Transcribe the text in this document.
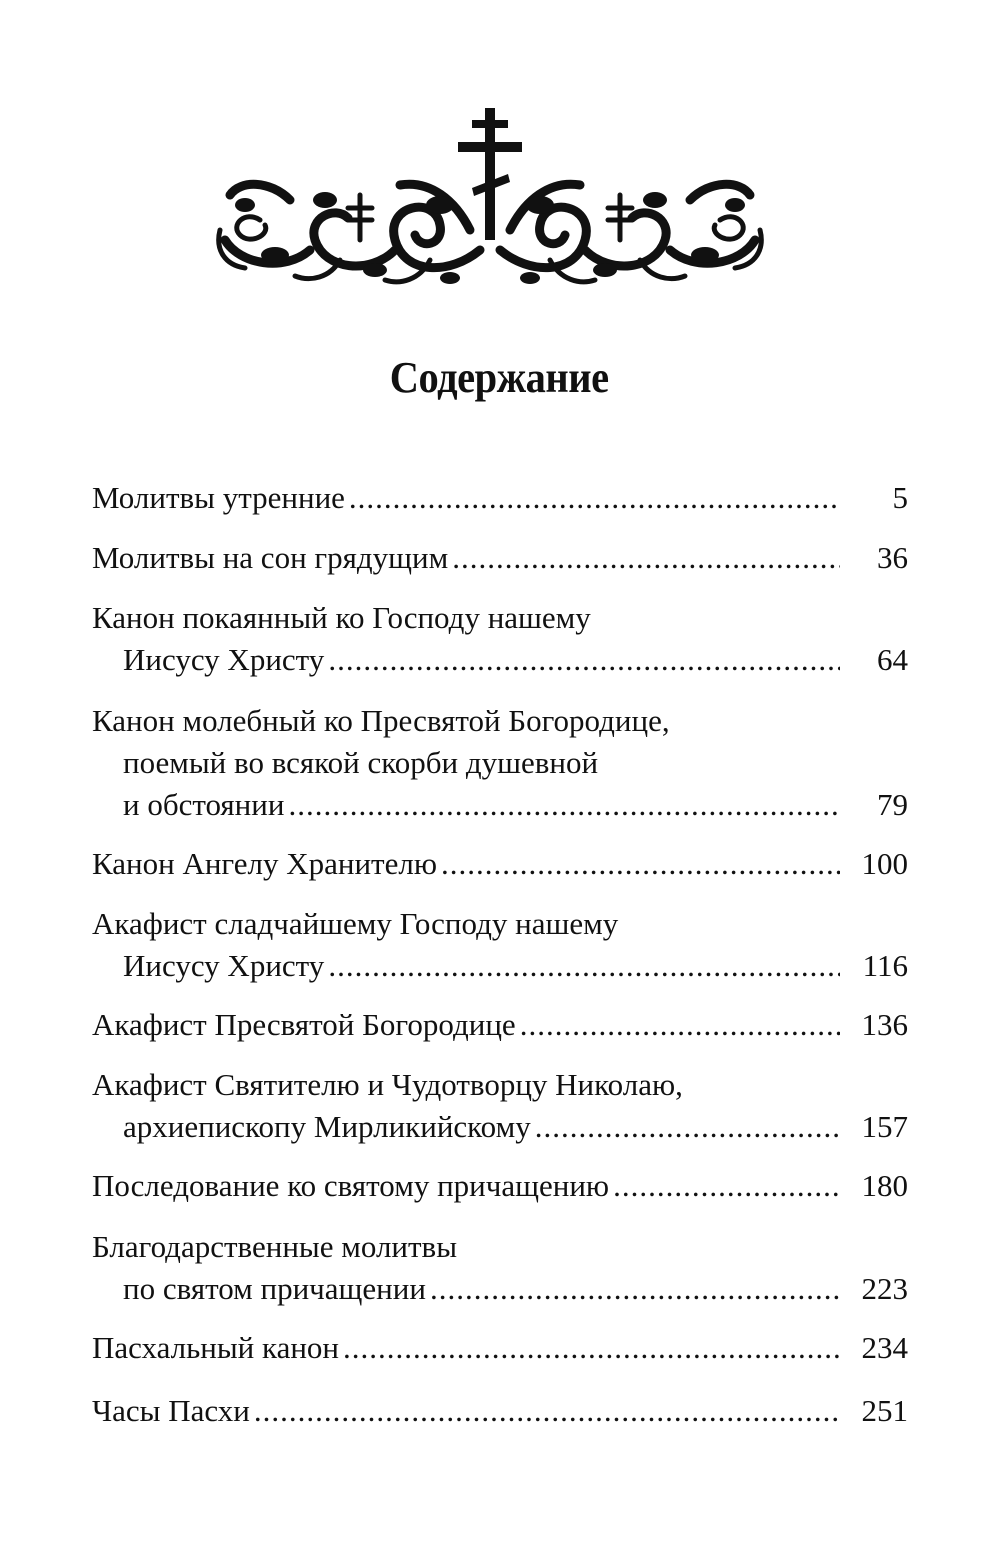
Содержание
Молитвы утренние .....	5
Молитвы на сон грядущим .....	36
Канон покаянный ко Господу нашему
Иисусу Христу .....	64
Канон молебный ко Пресвятой Богородице,
поемый во всякой скорби душевной
и обстоянии .....	79
Канон Ангелу Хранителю .....	100
Акафист сладчайшему Господу нашему
Иисусу Христу .....	116
Акафист Пресвятой Богородице .....	136
Акафист Святителю и Чудотворцу Николаю,
архиепископу Мирликийскому .....	157
Последование ко святому причащению .....	180
Благодарственные молитвы
по святом причащении .....	223
Пасхальный канон .....	234
Часы Пасхи .....	251
